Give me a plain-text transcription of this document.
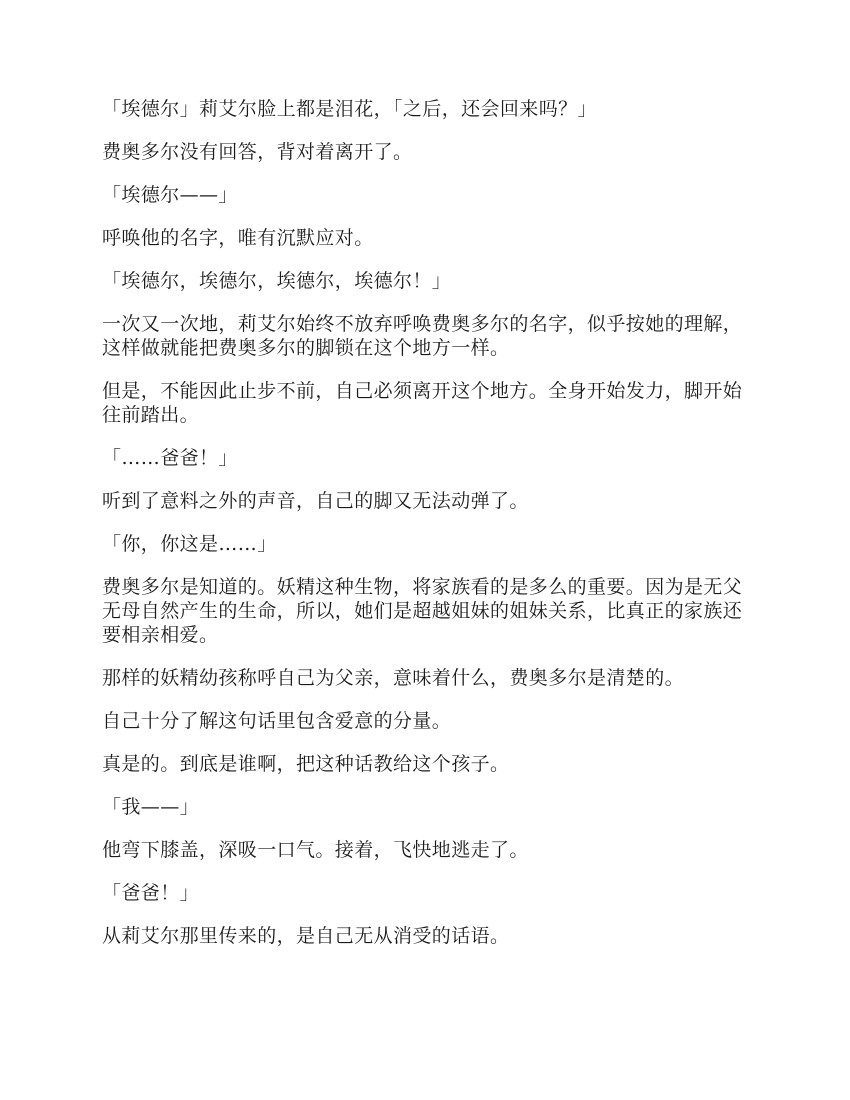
「埃德尔」莉艾尔脸上都是泪花，「之后，还会回来吗？」

费奥多尔没有回答，背对着离开了。

「埃德尔——」

呼唤他的名字，唯有沉默应对。

「埃德尔，埃德尔，埃德尔，埃德尔！」

一次又一次地，莉艾尔始终不放弃呼唤费奥多尔的名字，似乎按她的理解，这样做就能把费奥多尔的脚锁在这个地方一样。

但是，不能因此止步不前，自己必须离开这个地方。全身开始发力，脚开始往前踏出。

「……爸爸！」

听到了意料之外的声音，自己的脚又无法动弹了。

「你，你这是……」

费奥多尔是知道的。妖精这种生物，将家族看的是多么的重要。因为是无父无母自然产生的生命，所以，她们是超越姐妹的姐妹关系，比真正的家族还要相亲相爱。

那样的妖精幼孩称呼自己为父亲，意味着什么，费奥多尔是清楚的。

自己十分了解这句话里包含爱意的分量。

真是的。到底是谁啊，把这种话教给这个孩子。

「我——」

他弯下膝盖，深吸一口气。接着，飞快地逃走了。

「爸爸！」

从莉艾尔那里传来的，是自己无从消受的话语。
